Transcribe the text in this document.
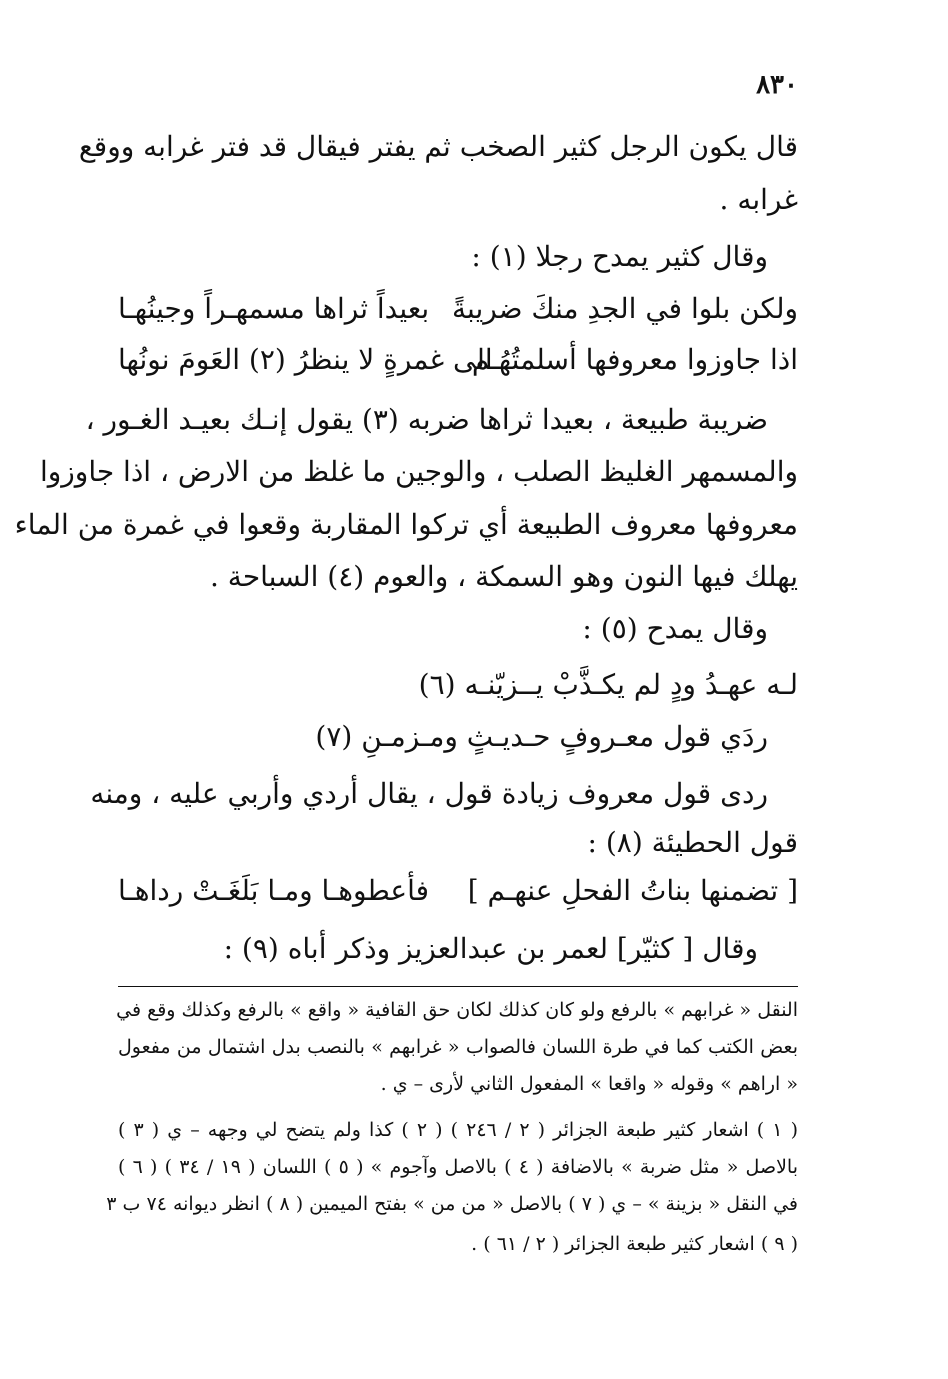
٨٣٠
قال يكون الرجل كثير الصخب ثم يفتر فيقال قد فتر غرابه ووقع
غرابه .
وقال كثير يمدح رجلا (١) :
ولكن بلوا في الجدِ منكَ ضريبةً
بعيداً ثراها مسمهـراً وجينُهـا
اذا جاوزوا معروفها أسلمتُهُـم
الى غمرةٍ لا ينظرُ (٢) العَومَ نونُها
ضريبة طبيعة ، بعيدا ثراها ضربه (٣) يقول إنـك بعيـد الغـور ،
والمسمهر الغليظ الصلب ، والوجين ما غلظ من الارض ، اذا جاوزوا
معروفها معروف الطبيعة أي تركوا المقاربة وقعوا في غمرة من الماء
يهلك فيها النون وهو السمكة ، والعوم (٤) السباحة .
وقال يمدح (٥) :
لـه عهـدُ ودٍ لم يكـذَّبْ يــزيّنـه (٦)
ردَي قول معـروفٍ حـديـثٍ ومـزمـنِ (٧)
ردى قول معروف زيادة قول ، يقال أردي وأربي عليه ، ومنه
قول الحطيئة (٨) :
[ تضمنها بناتُ الفحلِ عنهـم ]
فأعطوهـا ومـا بَلَغَـتْ رداهـا
وقال [ كثيّر] لعمر بن عبدالعزيز وذكر أباه (٩) :
النقل « غرابهم » بالرفع ولو كان كذلك لكان حق القافية « واقع » بالرفع وكذلك وقع في
بعض الكتب كما في طرة اللسان فالصواب « غرابهم » بالنصب بدل اشتمال من مفعول
« اراهم » وقوله « واقعا » المفعول الثاني لأرى – ي .
( ١ ) اشعار كثير طبعة الجزائر ( ٢ / ٢٤٦ ) ( ٢ ) كذا ولم يتضح لي وجهه – ي ( ٣ )
بالاصل « مثل ضربة » بالاضافة ( ٤ ) بالاصل وآجوم » ( ٥ ) اللسان ( ١٩ / ٣٤ ) ( ٦ )
في النقل « بزينة » – ي ( ٧ ) بالاصل « من من » بفتح الميمين ( ٨ ) انظر ديوانه ٧٤ ب ٣
( ٩ ) اشعار كثير طبعة الجزائر ( ٢ / ٦١ ) .
